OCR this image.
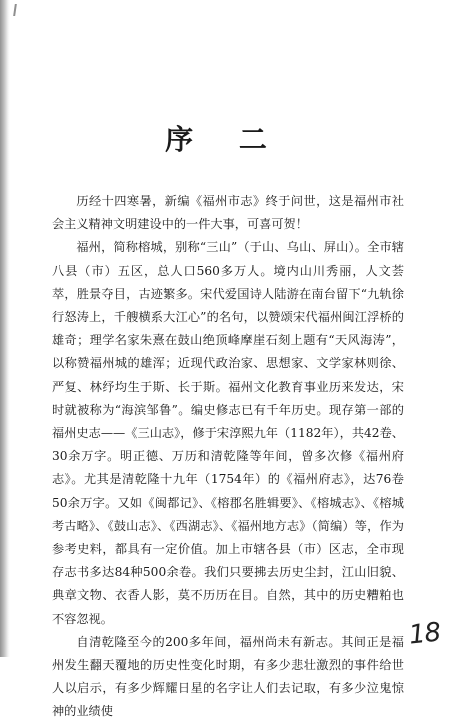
序 二

历经十四寒暑，新编《福州市志》终于问世，这是福州市社会主义精神文明建设中的一件大事，可喜可贺！

福州，简称榕城，别称“三山”（于山、乌山、屏山）。全市辖八县（市）五区，总人口560多万人。境内山川秀丽，人文荟萃，胜景夺目，古迹繁多。宋代爱国诗人陆游在南台留下“九轨徐行怒涛上，千艘横系大江心”的名句，以赞颂宋代福州闽江浮桥的雄奇；理学名家朱熹在鼓山绝顶峰摩崖石刻上题有“天风海涛”，以称赞福州城的雄浑；近现代政治家、思想家、文学家林则徐、严复、林纾均生于斯、长于斯。福州文化教育事业历来发达，宋时就被称为“海滨邹鲁”。编史修志已有千年历史。现存第一部的福州史志——《三山志》，修于宋淳熙九年（1182年），共42卷、30余万字。明正德、万历和清乾隆等年间，曾多次修《福州府志》。尤其是清乾隆十九年（1754年）的《福州府志》，达76卷50余万字。又如《闽都记》、《榕郡名胜辑要》、《榕城志》、《榕城考古略》、《鼓山志》、《西湖志》、《福州地方志》（简编）等，作为参考史料，都具有一定价值。加上市辖各县（市）区志，全市现存志书多达84种500余卷。我们只要拂去历史尘封，江山旧貌、典章文物、衣香人影，莫不历历在目。自然，其中的历史糟粕也不容忽视。

自清乾隆至今的200多年间，福州尚未有新志。其间正是福州发生翻天覆地的历史性变化时期，有多少悲壮激烈的事件给世人以启示，有多少辉耀日星的名字让人们去记取，有多少泣鬼惊神的业绩使

18
